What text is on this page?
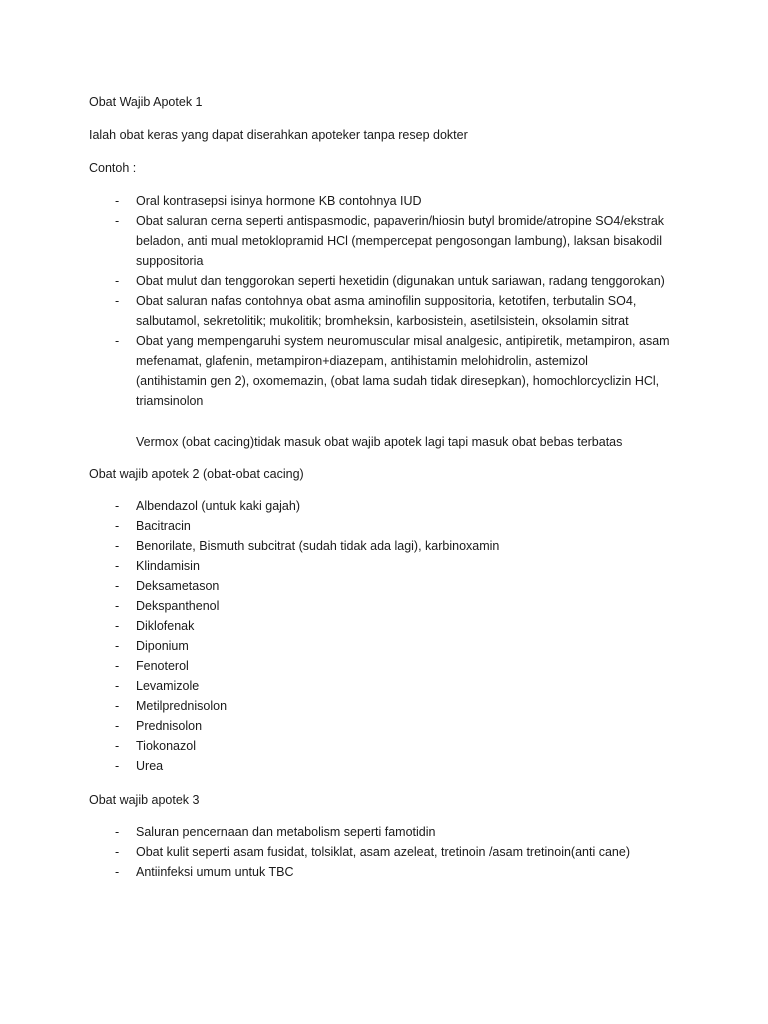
Obat Wajib Apotek 1
Ialah obat keras yang dapat diserahkan apoteker tanpa resep dokter
Contoh :
- Oral kontrasepsi isinya hormone KB contohnya IUD
- Obat saluran cerna seperti antispasmodic, papaverin/hiosin butyl bromide/atropine SO4/ekstrak
beladon, anti mual metoklopramid HCl (mempercepat pengosongan lambung), laksan bisakodil
suppositoria
- Obat mulut dan tenggorokan seperti hexetidin (digunakan untuk sariawan, radang tenggorokan)
- Obat saluran nafas contohnya obat asma aminofilin suppositoria, ketotifen, terbutalin SO4,
salbutamol, sekretolitik; mukolitik; bromheksin, karbosistein, asetilsistein, oksolamin sitrat
- Obat yang mempengaruhi system neuromuscular misal analgesic, antipiretik, metampiron, asam
mefenamat, glafenin, metampiron+diazepam, antihistamin melohidrolin, astemizol
(antihistamin gen 2), oxomemazin, (obat lama sudah tidak diresepkan), homochlorcyclizin HCl,
triamsinolon
Vermox (obat cacing)tidak masuk obat wajib apotek lagi tapi masuk obat bebas terbatas
Obat wajib apotek 2 (obat-obat cacing)
- Albendazol (untuk kaki gajah)
- Bacitracin
- Benorilate, Bismuth subcitrat (sudah tidak ada lagi), karbinoxamin
- Klindamisin
- Deksametason
- Dekspanthenol
- Diklofenak
- Diponium
- Fenoterol
- Levamizole
- Metilprednisolon
- Prednisolon
- Tiokonazol
- Urea
Obat wajib apotek 3
- Saluran pencernaan dan metabolism seperti famotidin
- Obat kulit seperti asam fusidat, tolsiklat, asam azeleat, tretinoin /asam tretinoin(anti cane)
- Antiinfeksi umum untuk TBC
